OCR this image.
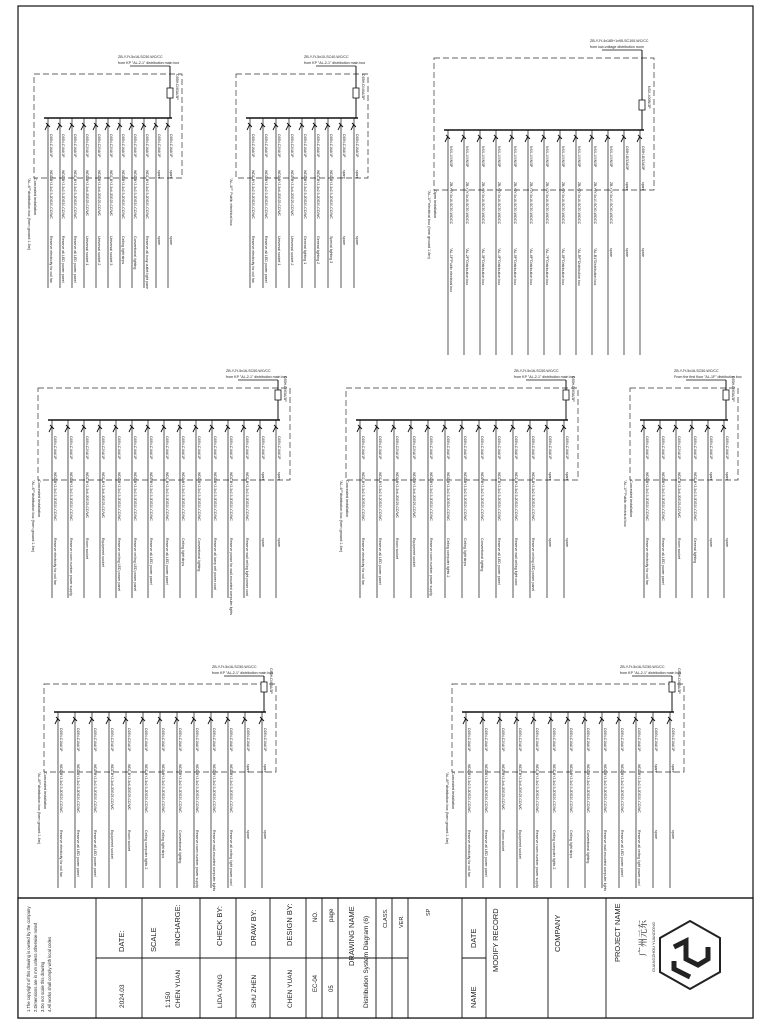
ZB-YJY-5x16-SC50-WC/CC
from KP "AL-2-1" distribution main box
C65H-D/63A/3P
C65N-C16A/1P
WDZ-BYJ-3x2.5-JDG20-CC/WC
Reserve electricity for coil fan
C65N-C16A/1P
WDZ-BYJ-3x2.5-JDG20-CC/WC
Reserve all LED power panel
C65N-C16A/1P
WDZ-BYJ-3x2.5-JDG20-CC/WC
Reserve all LED power panel
C65N-C20A/1P
WDZ-BYJ-3x4-JDG25-CC/WC
Universal socket 1
C65N-C20A/1P
WDZ-BYJ-3x4-JDG25-CC/WC
Universal socket 2
C65N-C20A/1P
WDZ-BYJ-3x4-JDG25-CC/WC
Universal socket 3
C65N-C16A/1P
WDZ-BYJ-3x2.5-JDG20-CC/WC
Ceiling light strips
C65N-C16A/1P
WDZ-BYJ-3x2.5-JDG20-CC/WC
Conventional lighting
C65N-C16A/1P
WDZ-BYJ-3x2.5-JDG20-CC/WC
Reserve all busy outlet light pane
C65N-C16A/1P
spare
spare
C65N-C16A/1P
spare
spare
"AL-4F"distribution box (form ground 1.6m) Concealed installation
ZB-YJY-5x10-SC40-WC/CC
from KP "AL-2-1" distribution main box
C65H-D/40A/3P
C65N-C16A/1P
WDZ-BYJ-3x2.5-JDG20-CC/WC
Reserve electricity for coil fan
C65N-C16A/1P
WDZ-BYJ-3x2.5-JDG20-CC/WC
Reserve all LED power panel
C65N-C20A/1P
WDZ-BYJ-3x4-JDG25-CC/WC
Universal socket 1
C65N-C20A/1P
WDZ-BYJ-3x4-JDG25-CC/WC
Universal socket 2
C65N-C16A/1P
WDZ-BYJ-3x2.5-JDG20-CC/WC
General lighting 1
C65N-C16A/1P
WDZ-BYJ-3x2.5-JDG20-CC/WC
General lighting 2
C65N-C16A/1P
WDZ-BYJ-3x2.5-JDG20-CC/WC
Special lighting 3
C65N-C16A/1P
spare
spare
C65N-C16A/1P
spare
spare
"AL-4F" Public electrical box
ZB-YJY-4x185+1x95-SC100-WC/CC
from low-voltage distribution room
NSX-400N/3P
NSX-100N/3P
ZB-YJY-5x16-SC50-WC/CC
"AL-1F"Public electrical box
NSX-100N/3P
ZB-YJY-5x16-SC50-WC/CC
"AL-2F"Distribution box
NSX-100N/3P
ZB-YJY-5x16-SC50-WC/CC
"AL-3F"Distribution box
NSX-100N/3P
ZB-YJY-5x16-SC50-WC/CC
"AL-4F"Distribution box
NSX-100N/3P
ZB-YJY-5x16-SC50-WC/CC
"AL-5F"Distribution box
NSX-100N/3P
ZB-YJY-5x16-SC50-WC/CC
"AL-6F"Distribution box
NSX-100N/3P
ZB-YJY-5x16-SC50-WC/CC
"AL-7F"Distribution box
NSX-100N/3P
ZB-YJY-5x16-SC50-WC/CC
"AL-8F"Distribution box
NSX-100N/3P
ZB-YJY-5x16-SC50-WC/CC
"AL-RF"Distribution box
NSX-100N/3P
ZB-YJY-5x10-SC40-WC/CC
"AL-B1"Distribution box
NSX-100N/3P
ZB-YJY-5x10-SC40-WC/CC
spare
C65H-D/32A/3P
spare
spare
C65H-D/32A/3P
spare
spare
"AL-1F"electrical box (form ground 1.6m) Open installation
ZB-YJY-5x16-SC50-WC/CC
from KP "AL-2-1" distribution main box
C65H-D/63A/3P
C65N-C16A/1P
WDZ-BYJ-3x2.5-JDG20-CC/WC
Reserve electricity for coil fan
C65N-C16A/1P
WDZ-BYJ-3x2.5-JDG20-CC/WC
Reserve room number power supply
C65N-C20A/1P
WDZ-BYJ-3x4-JDG25-CC/WC
Room socket
C65N-C20A/1P
WDZ-BYJ-3x4-JDG25-CC/WC
Equipment socket
C65N-C16A/1P
WDZ-BYJ-3x2.5-JDG20-CC/WC
Reserve ceiling LED power panel
C65N-C16A/1P
WDZ-BYJ-3x2.5-JDG20-CC/WC
Reserve ceiling LED power panel
C65N-C16A/1P
WDZ-BYJ-3x2.5-JDG20-CC/WC
Reserve all LED power panel
C65N-C16A/1P
WDZ-BYJ-3x2.5-JDG20-CC/WC
Reserve all LED power panel
C65N-C16A/1P
WDZ-BYJ-3x2.5-JDG20-CC/WC
Ceiling light strips
C65N-C16A/1P
WDZ-BYJ-3x2.5-JDG20-CC/WC
Conventional lighting
C65N-C16A/1P
WDZ-BYJ-3x2.5-JDG20-CC/WC
Reserve all lamp cell power cord
C65N-C16A/1P
WDZ-BYJ-3x2.5-JDG20-CC/WC
Reserve power for wall-mounted computer lights
C65N-C16A/1P
WDZ-BYJ-3x2.5-JDG20-CC/WC
Reserve wall ceiling light power cord
C65N-C16A/1P
spare
spare
C65N-C16A/1P
spare
spare
"AL-4F"distribution box (form ground 1.6m) Concealed installation
ZB-YJY-5x16-SC50-WC/CC
from KP "AL-2-1" distribution main box
C65H-D/63A/3P
C65N-C16A/1P
WDZ-BYJ-3x2.5-JDG20-CC/WC
Reserve electricity for coil fan
C65N-C16A/1P
WDZ-BYJ-3x2.5-JDG20-CC/WC
Reserve all LED power panel
C65N-C20A/1P
WDZ-BYJ-3x4-JDG25-CC/WC
Room socket
C65N-C20A/1P
WDZ-BYJ-3x4-JDG25-CC/WC
Equipment socket
C65N-C16A/1P
WDZ-BYJ-3x2.5-JDG20-CC/WC
Reserve room number power supply
C65N-C16A/1P
WDZ-BYJ-3x2.5-JDG20-CC/WC
Ceiling computer lights 2
C65N-C16A/1P
WDZ-BYJ-3x2.5-JDG20-CC/WC
Ceiling light strips
C65N-C16A/1P
WDZ-BYJ-3x2.5-JDG20-CC/WC
Conventional lighting
C65N-C16A/1P
WDZ-BYJ-3x2.5-JDG20-CC/WC
Reserve all LED power panel
C65N-C16A/1P
WDZ-BYJ-3x2.5-JDG20-CC/WC
Reserve wall ceiling light cord
C65N-C16A/1P
WDZ-BYJ-3x2.5-JDG20-CC/WC
Reserve ceiling LED power panel
C65N-C16A/1P
spare
spare
C65N-C16A/1P
spare
spare
"AL-4F"distribution box (form ground 1.6m) Concealed installation
ZB-YJY-5x16-SC50-WC/CC
From the first floor "AL-1F" distribution box
C65H-D/63A/3P
C65N-C16A/1P
WDZ-BYJ-3x2.5-JDG20-CC/WC
Reserve electricity for coil fan
C65N-C16A/1P
WDZ-BYJ-3x2.5-JDG20-CC/WC
Reserve all LED power panel
C65N-C20A/1P
WDZ-BYJ-3x4-JDG25-CC/WC
Room socket
C65N-C16A/1P
WDZ-BYJ-3x2.5-JDG20-CC/WC
General lighting
C65N-C16A/1P
spare
spare
C65N-C16A/1P
spare
spare
"AL-1F"Public electrical box Concealed installation
ZB-YJY-5x16-SC50-WC/CC
from KP "AL-2-1" distribution main box
C65H-D/63A/3P
C65N-C16A/1P
WDZ-BYJ-3x2.5-JDG20-CC/WC
Reserve electricity for coil fan
C65N-C16A/1P
WDZ-BYJ-3x2.5-JDG20-CC/WC
Reserve all LED power panel
C65N-C16A/1P
WDZ-BYJ-3x2.5-JDG20-CC/WC
Reserve all LED power panel
C65N-C20A/1P
WDZ-BYJ-3x4-JDG25-CC/WC
Equipment socket
C65N-C20A/1P
WDZ-BYJ-3x4-JDG25-CC/WC
Room socket
C65N-C16A/1P
WDZ-BYJ-3x2.5-JDG20-CC/WC
Ceiling computer lights 2
C65N-C16A/1P
WDZ-BYJ-3x2.5-JDG20-CC/WC
Ceiling light strips
C65N-C16A/1P
WDZ-BYJ-3x2.5-JDG20-CC/WC
Conventional lighting
C65N-C16A/1P
WDZ-BYJ-3x2.5-JDG20-CC/WC
Reserve room number power supply
C65N-C16A/1P
WDZ-BYJ-3x2.5-JDG20-CC/WC
Reserve wall-mounted computer lights
C65N-C16A/1P
WDZ-BYJ-3x2.5-JDG20-CC/WC
Reserve all ceiling light power cord
C65N-C16A/1P
spare
spare
C65N-C16A/1P
spare
spare
"AL-6F"distribution box (form ground 1.6m) Concealed installation
ZB-YJY-5x16-SC50-WC/CC
from KP "AL-2-1" distribution main box
C65H-D/63A/3P
C65N-C16A/1P
WDZ-BYJ-3x2.5-JDG20-CC/WC
Reserve electricity for coil fan
C65N-C16A/1P
WDZ-BYJ-3x2.5-JDG20-CC/WC
Reserve all LED power panel
C65N-C20A/1P
WDZ-BYJ-3x4-JDG25-CC/WC
Room socket
C65N-C20A/1P
WDZ-BYJ-3x4-JDG25-CC/WC
Equipment socket
C65N-C16A/1P
WDZ-BYJ-3x2.5-JDG20-CC/WC
Reserve room number power supply
C65N-C16A/1P
WDZ-BYJ-3x2.5-JDG20-CC/WC
Ceiling computer lights 2
C65N-C16A/1P
WDZ-BYJ-3x2.5-JDG20-CC/WC
Ceiling light strips
C65N-C16A/1P
WDZ-BYJ-3x2.5-JDG20-CC/WC
Conventional lighting
C65N-C16A/1P
WDZ-BYJ-3x2.5-JDG20-CC/WC
Reserve wall-mounted computer lights
C65N-C16A/1P
WDZ-BYJ-3x2.5-JDG20-CC/WC
Reserve all LED power panel
C65N-C16A/1P
WDZ-BYJ-3x2.5-JDG20-CC/WC
Reserve all ceiling light power cord
C65N-C16A/1P
spare
spare
C65N-C16A/1P
spare
spare
"AL-6F"distribution box (form ground 1.6m) Concealed installation
1.The copyright of this drawing is owned by the company 2.Dimensions are in mm unless otherwise noted 3.Do not scale this drawing 4.All works shall comply with local codes	DATE:
2024.03
SCALE
1:150
INCHARGE:
CHEN YUAN
CHECK BY:
LIDA YANG
DRAW BY:
SHU ZHEN
DESIGN BY:
CHEN YUAN
NO.
EC-04
page
05
DRAWING NAME Distribution System Diagram (6) CLASS. VER.
SP
NAME
DATE MODIFY RECORD	COMPANY	PROJECT NAME 广州元东 GUANGZHOU YUANDONG
